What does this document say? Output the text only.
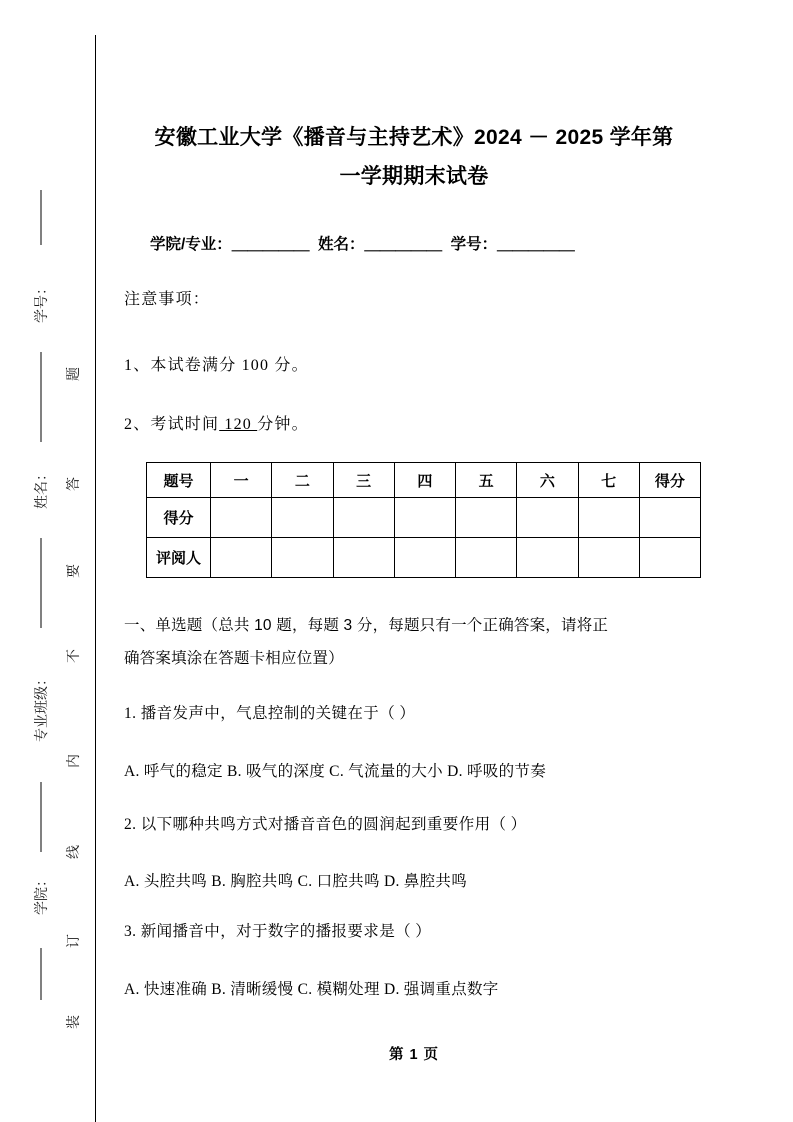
学号：
姓名：
专业班级：
学院：
题
答
要
不
内
线
订
装
安徽工业大学《播音与主持艺术》2024 － 2025 学年第
一学期期末试卷
学院/专业：＿＿＿＿＿ 姓名：＿＿＿＿＿ 学号：＿＿＿＿＿
注意事项：
1、本试卷满分 100 分。
2、考试时间 120 分钟。
题号	一	二	三	四	五	六	七	得分
得分								
评阅人								
一、单选题（总共 10 题，每题 3 分，每题只有一个正确答案，请将正
确答案填涂在答题卡相应位置）
1. 播音发声中，气息控制的关键在于（ ）
A. 呼气的稳定 B. 吸气的深度 C. 气流量的大小 D. 呼吸的节奏
2. 以下哪种共鸣方式对播音音色的圆润起到重要作用（ ）
A. 头腔共鸣 B. 胸腔共鸣 C. 口腔共鸣 D. 鼻腔共鸣
3. 新闻播音中，对于数字的播报要求是（ ）
A. 快速准确 B. 清晰缓慢 C. 模糊处理 D. 强调重点数字
第 1 页
